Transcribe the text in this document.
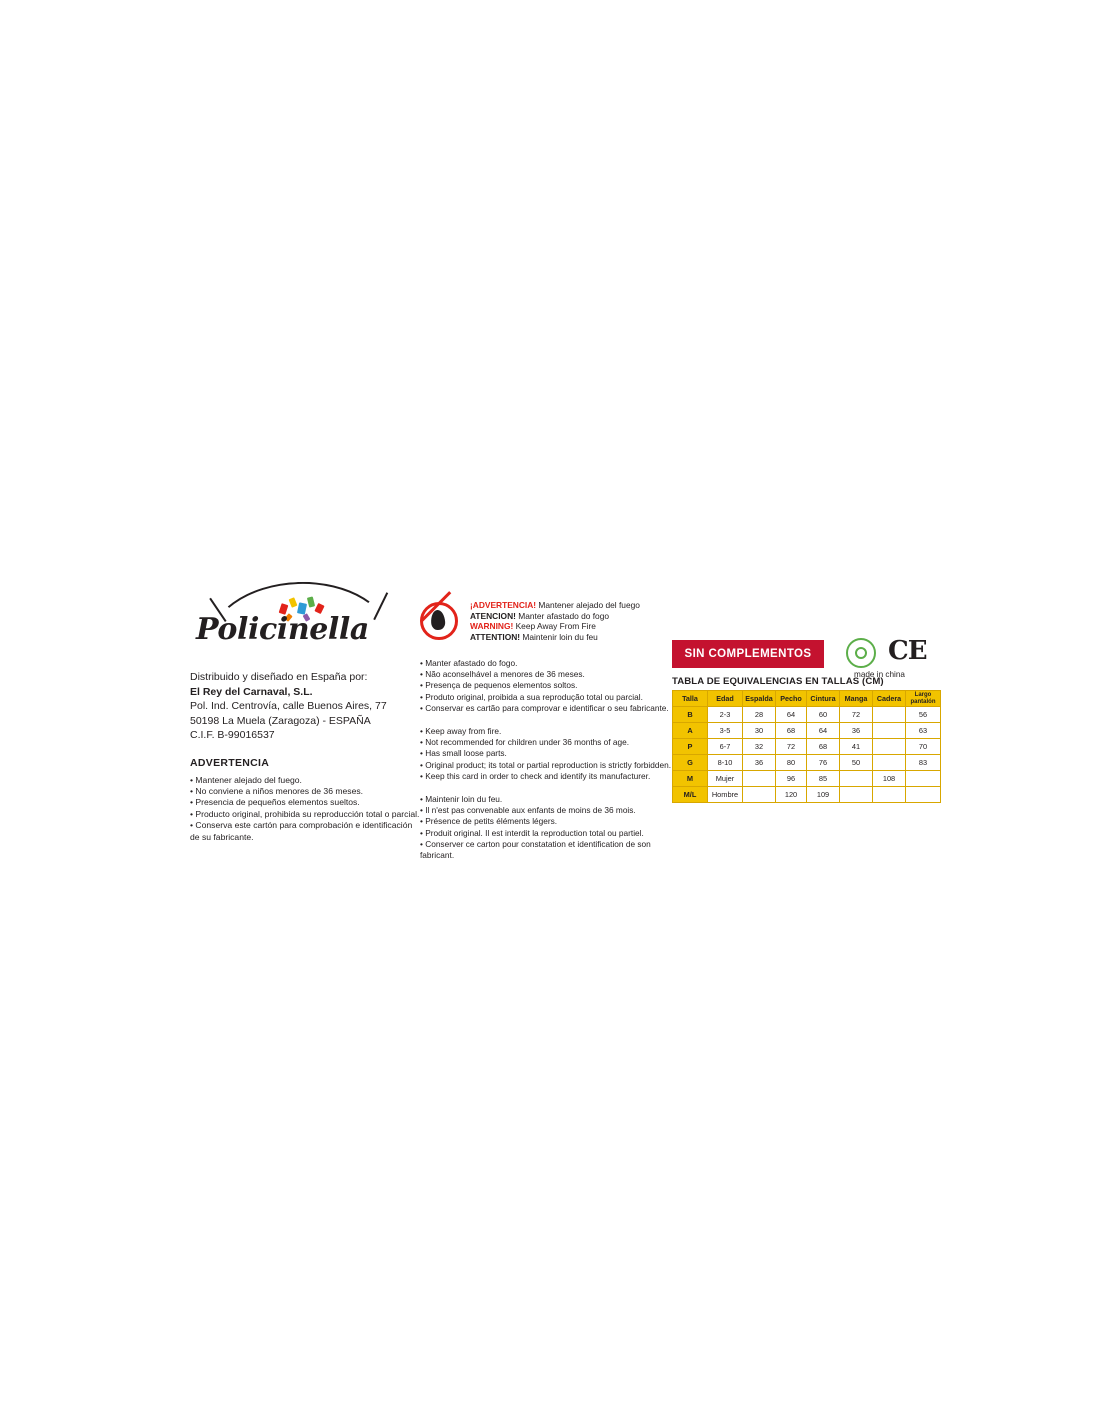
Policinella
Distribuido y diseñado en España por:
El Rey del Carnaval, S.L.
Pol. Ind. Centrovía, calle Buenos Aires, 77
50198 La Muela (Zaragoza) - ESPAÑA
C.I.F. B-99016537
ADVERTENCIA
• Mantener alejado del fuego.
• No conviene a niños menores de 36 meses.
• Presencia de pequeños elementos sueltos.
• Producto original, prohibida su reproducción total o parcial.
• Conserva este cartón para comprobación e identificación
de su fabricante.
¡ADVERTENCIA! Mantener alejado del fuego
ATENCION! Manter afastado do fogo
WARNING! Keep Away From Fire
ATTENTION! Maintenir loin du feu
• Manter afastado do fogo.
• Não aconselhável a menores de 36 meses.
• Presença de pequenos elementos soltos.
• Produto original, proibida a sua reprodução total ou parcial.
• Conservar es cartão para comprovar e identificar o seu fabricante.
• Keep away from fire.
• Not recommended for children under 36 months of age.
• Has small loose parts.
• Original product; its total or partial reproduction is strictly forbidden.
• Keep this card in order to check and identify its manufacturer.
• Maintenir loin du feu.
• Il n'est pas convenable aux enfants de moins de 36 mois.
• Présence de petits éléments légers.
• Produit original. Il est interdit la reproduction total ou partiel.
• Conserver ce carton pour constatation et identification de son
fabricant.
SIN COMPLEMENTOS	CE
made in china
TABLA DE EQUIVALENCIAS EN TALLAS (CM)
Talla	Edad	Espalda	Pecho	Cintura	Manga	Cadera	Largo pantalón
B	2-3	28	64	60	72		56
A	3-5	30	68	64	36		63
P	6-7	32	72	68	41		70
G	8-10	36	80	76	50		83
M	Mujer		96	85		108	
M/L	Hombre		120	109			
